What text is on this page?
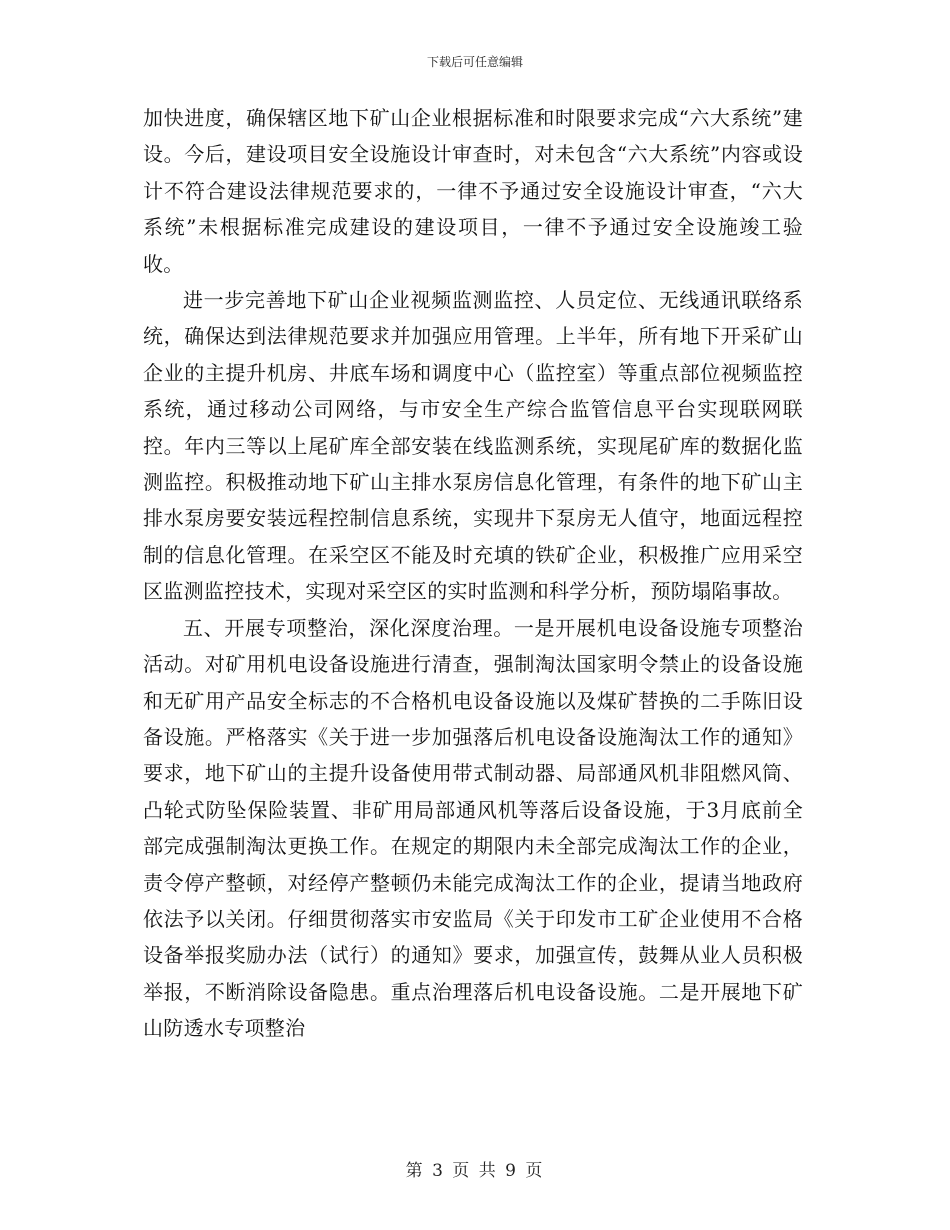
下载后可任意编辑

加快进度，确保辖区地下矿山企业根据标准和时限要求完成“六大系统”建设。今后，建设项目安全设施设计审查时，对未包含“六大系统”内容或设计不符合建设法律规范要求的，一律不予通过安全设施设计审查，“六大系统”未根据标准完成建设的建设项目，一律不予通过安全设施竣工验收。

进一步完善地下矿山企业视频监测监控、人员定位、无线通讯联络系统，确保达到法律规范要求并加强应用管理。上半年，所有地下开采矿山企业的主提升机房、井底车场和调度中心（监控室）等重点部位视频监控系统，通过移动公司网络，与市安全生产综合监管信息平台实现联网联控。年内三等以上尾矿库全部安装在线监测系统，实现尾矿库的数据化监测监控。积极推动地下矿山主排水泵房信息化管理，有条件的地下矿山主排水泵房要安装远程控制信息系统，实现井下泵房无人值守，地面远程控制的信息化管理。在采空区不能及时充填的铁矿企业，积极推广应用采空区监测监控技术，实现对采空区的实时监测和科学分析，预防塌陷事故。

五、开展专项整治，深化深度治理。一是开展机电设备设施专项整治活动。对矿用机电设备设施进行清查，强制淘汰国家明令禁止的设备设施和无矿用产品安全标志的不合格机电设备设施以及煤矿替换的二手陈旧设备设施。严格落实《关于进一步加强落后机电设备设施淘汰工作的通知》要求，地下矿山的主提升设备使用带式制动器、局部通风机非阻燃风筒、凸轮式防坠保险装置、非矿用局部通风机等落后设备设施，于3月底前全部完成强制淘汰更换工作。在规定的期限内未全部完成淘汰工作的企业，责令停产整顿，对经停产整顿仍未能完成淘汰工作的企业，提请当地政府依法予以关闭。仔细贯彻落实市安监局《关于印发市工矿企业使用不合格设备举报奖励办法（试行）的通知》要求，加强宣传，鼓舞从业人员积极举报，不断消除设备隐患。重点治理落后机电设备设施。二是开展地下矿山防透水专项整治

第 3 页 共 9 页
